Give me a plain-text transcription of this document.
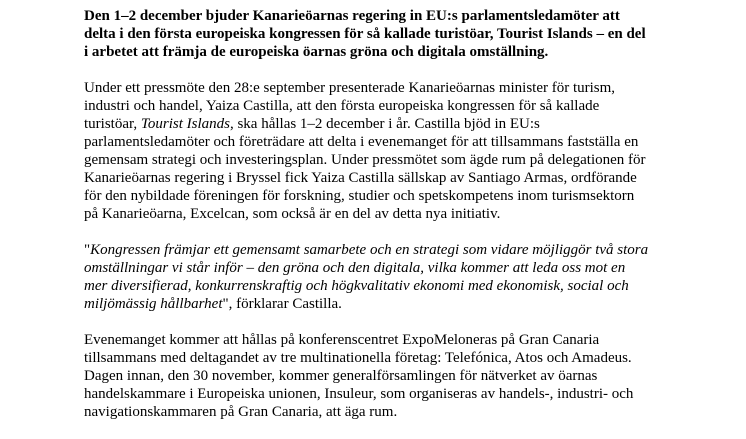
Den 1–2 december bjuder Kanarieöarnas regering in EU:s parlamentsledamöter att
delta i den första europeiska kongressen för så kallade turistöar, Tourist Islands – en del
i arbetet att främja de europeiska öarnas gröna och digitala omställning.

Under ett pressmöte den 28:e september presenterade Kanarieöarnas minister för turism,
industri och handel, Yaiza Castilla, att den första europeiska kongressen för så kallade
turistöar, Tourist Islands, ska hållas 1–2 december i år. Castilla bjöd in EU:s
parlamentsledamöter och företrädare att delta i evenemanget för att tillsammans fastställa en
gemensam strategi och investeringsplan. Under pressmötet som ägde rum på delegationen för
Kanarieöarnas regering i Bryssel fick Yaiza Castilla sällskap av Santiago Armas, ordförande
för den nybildade föreningen för forskning, studier och spetskompetens inom turismsektorn
på Kanarieöarna, Excelcan, som också är en del av detta nya initiativ.

"Kongressen främjar ett gemensamt samarbete och en strategi som vidare möjliggör två stora
omställningar vi står inför – den gröna och den digitala, vilka kommer att leda oss mot en
mer diversifierad, konkurrenskraftig och högkvalitativ ekonomi med ekonomisk, social och
miljömässig hållbarhet", förklarar Castilla.

Evenemanget kommer att hållas på konferenscentret ExpoMeloneras på Gran Canaria
tillsammans med deltagandet av tre multinationella företag: Telefónica, Atos och Amadeus.
Dagen innan, den 30 november, kommer generalförsamlingen för nätverket av öarnas
handelskammare i Europeiska unionen, Insuleur, som organiseras av handels-, industri- och
navigationskammaren på Gran Canaria, att äga rum.
